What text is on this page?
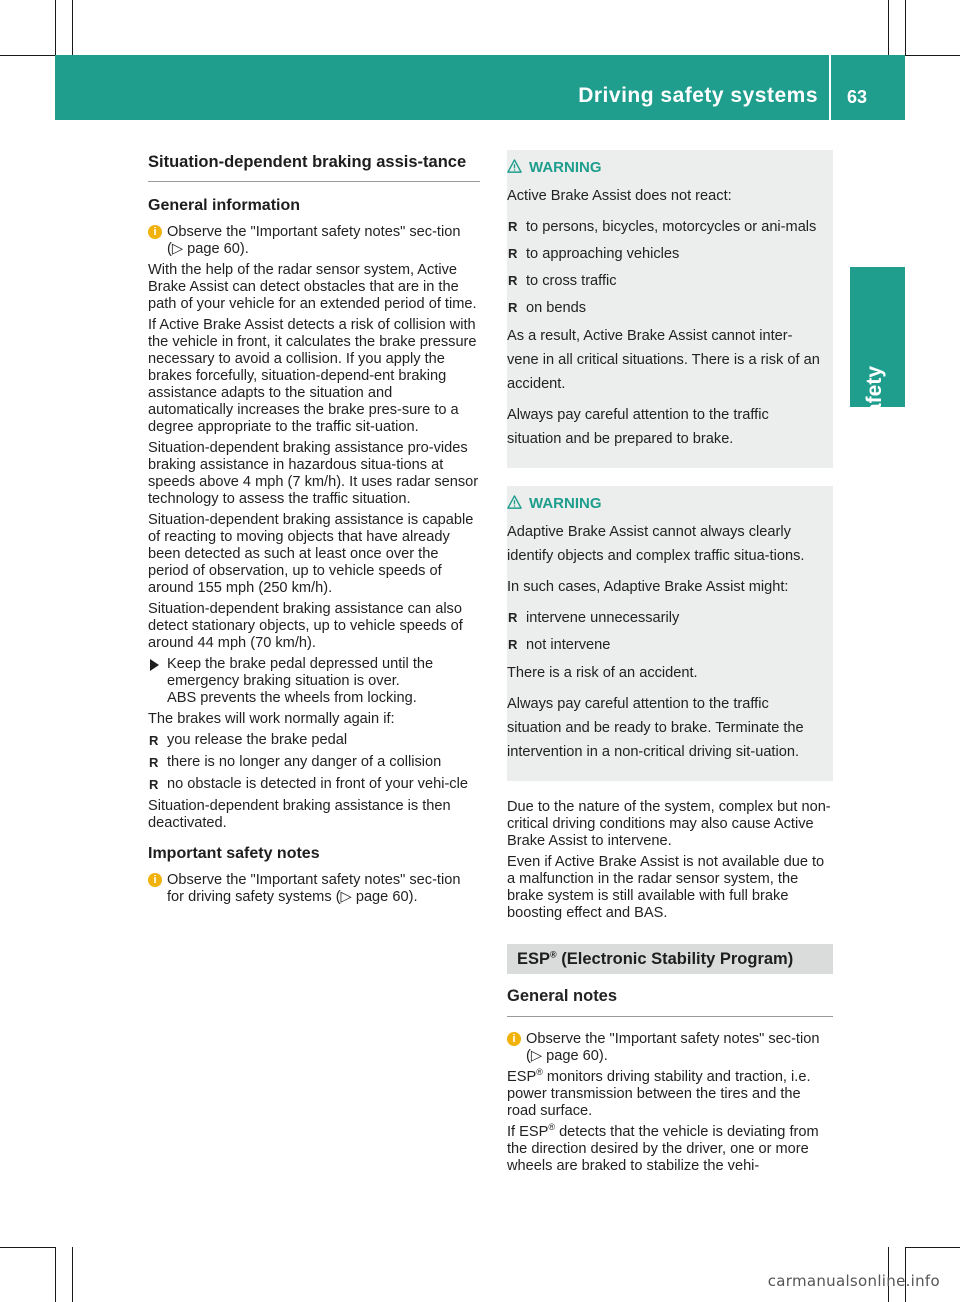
Driving safety systems 63
Safety
Situation-dependent braking assis-tance
General information
i Observe the "Important safety notes" sec-tion (▷ page 60).

With the help of the radar sensor system, Active Brake Assist can detect obstacles that are in the path of your vehicle for an extended period of time.

If Active Brake Assist detects a risk of collision with the vehicle in front, it calculates the brake pressure necessary to avoid a collision. If you apply the brakes forcefully, situation-depend-ent braking assistance adapts to the situation and automatically increases the brake pres-sure to a degree appropriate to the traffic sit-uation.

Situation-dependent braking assistance pro-vides braking assistance in hazardous situa-tions at speeds above 4 mph (7 km/h). It uses radar sensor technology to assess the traffic situation.

Situation-dependent braking assistance is capable of reacting to moving objects that have already been detected as such at least once over the period of observation, up to vehicle speeds of around 155 mph (250 km/h).

Situation-dependent braking assistance can also detect stationary objects, up to vehicle speeds of around 44 mph (70 km/h).

Keep the brake pedal depressed until the emergency braking situation is over.
ABS prevents the wheels from locking.

The brakes will work normally again if:

R you release the brake pedal
R there is no longer any danger of a collision
R no obstacle is detected in front of your vehi-cle

Situation-dependent braking assistance is then deactivated.

Important safety notes
i Observe the "Important safety notes" sec-tion for driving safety systems (▷ page 60).
WARNING

Active Brake Assist does not react:

R to persons, bicycles, motorcycles or ani-mals
R to approaching vehicles
R to cross traffic
R on bends

As a result, Active Brake Assist cannot inter-vene in all critical situations. There is a risk of an accident.

Always pay careful attention to the traffic situation and be prepared to brake.

WARNING

Adaptive Brake Assist cannot always clearly identify objects and complex traffic situa-tions.

In such cases, Adaptive Brake Assist might:

R intervene unnecessarily
R not intervene

There is a risk of an accident.

Always pay careful attention to the traffic situation and be ready to brake. Terminate the intervention in a non-critical driving sit-uation.

Due to the nature of the system, complex but non-critical driving conditions may also cause Active Brake Assist to intervene.

Even if Active Brake Assist is not available due to a malfunction in the radar sensor system, the brake system is still available with full brake boosting effect and BAS.

ESP® (Electronic Stability Program)
General notes
i Observe the "Important safety notes" sec-tion (▷ page 60).

ESP® monitors driving stability and traction, i.e. power transmission between the tires and the road surface.

If ESP® detects that the vehicle is deviating from the direction desired by the driver, one or more wheels are braked to stabilize the vehi-

carmanualsonline.info
